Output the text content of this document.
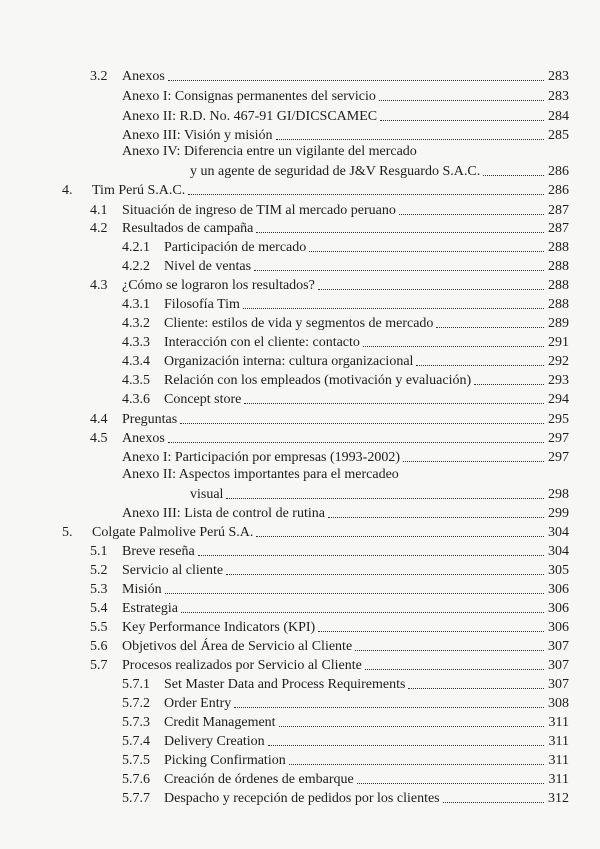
3.2	Anexos	283
Anexo I: Consignas permanentes del servicio	283
Anexo II: R.D. No. 467-91 GI/DICSCAMEC	284
Anexo III: Visión y misión	285
Anexo IV: Diferencia entre un vigilante del mercado
y un agente de seguridad de J&V Resguardo S.A.C.	286
4.	Tim Perú S.A.C.	286
4.1	Situación de ingreso de TIM al mercado peruano	287
4.2	Resultados de campaña	287
4.2.1	Participación de mercado	288
4.2.2	Nivel de ventas	288
4.3	¿Cómo se lograron los resultados?	288
4.3.1	Filosofía Tim	288
4.3.2	Cliente: estilos de vida y segmentos de mercado	289
4.3.3	Interacción con el cliente: contacto	291
4.3.4	Organización interna: cultura organizacional	292
4.3.5	Relación con los empleados (motivación y evaluación)	293
4.3.6	Concept store	294
4.4	Preguntas	295
4.5	Anexos	297
Anexo I: Participación por empresas (1993-2002)	297
Anexo II: Aspectos importantes para el mercadeo
visual	298
Anexo III: Lista de control de rutina	299
5.	Colgate Palmolive Perú S.A.	304
5.1	Breve reseña	304
5.2	Servicio al cliente	305
5.3	Misión	306
5.4	Estrategia	306
5.5	Key Performance Indicators (KPI)	306
5.6	Objetivos del Área de Servicio al Cliente	307
5.7	Procesos realizados por Servicio al Cliente	307
5.7.1	Set Master Data and Process Requirements	307
5.7.2	Order Entry	308
5.7.3	Credit Management	311
5.7.4	Delivery Creation	311
5.7.5	Picking Confirmation	311
5.7.6	Creación de órdenes de embarque	311
5.7.7	Despacho y recepción de pedidos por los clientes	312
